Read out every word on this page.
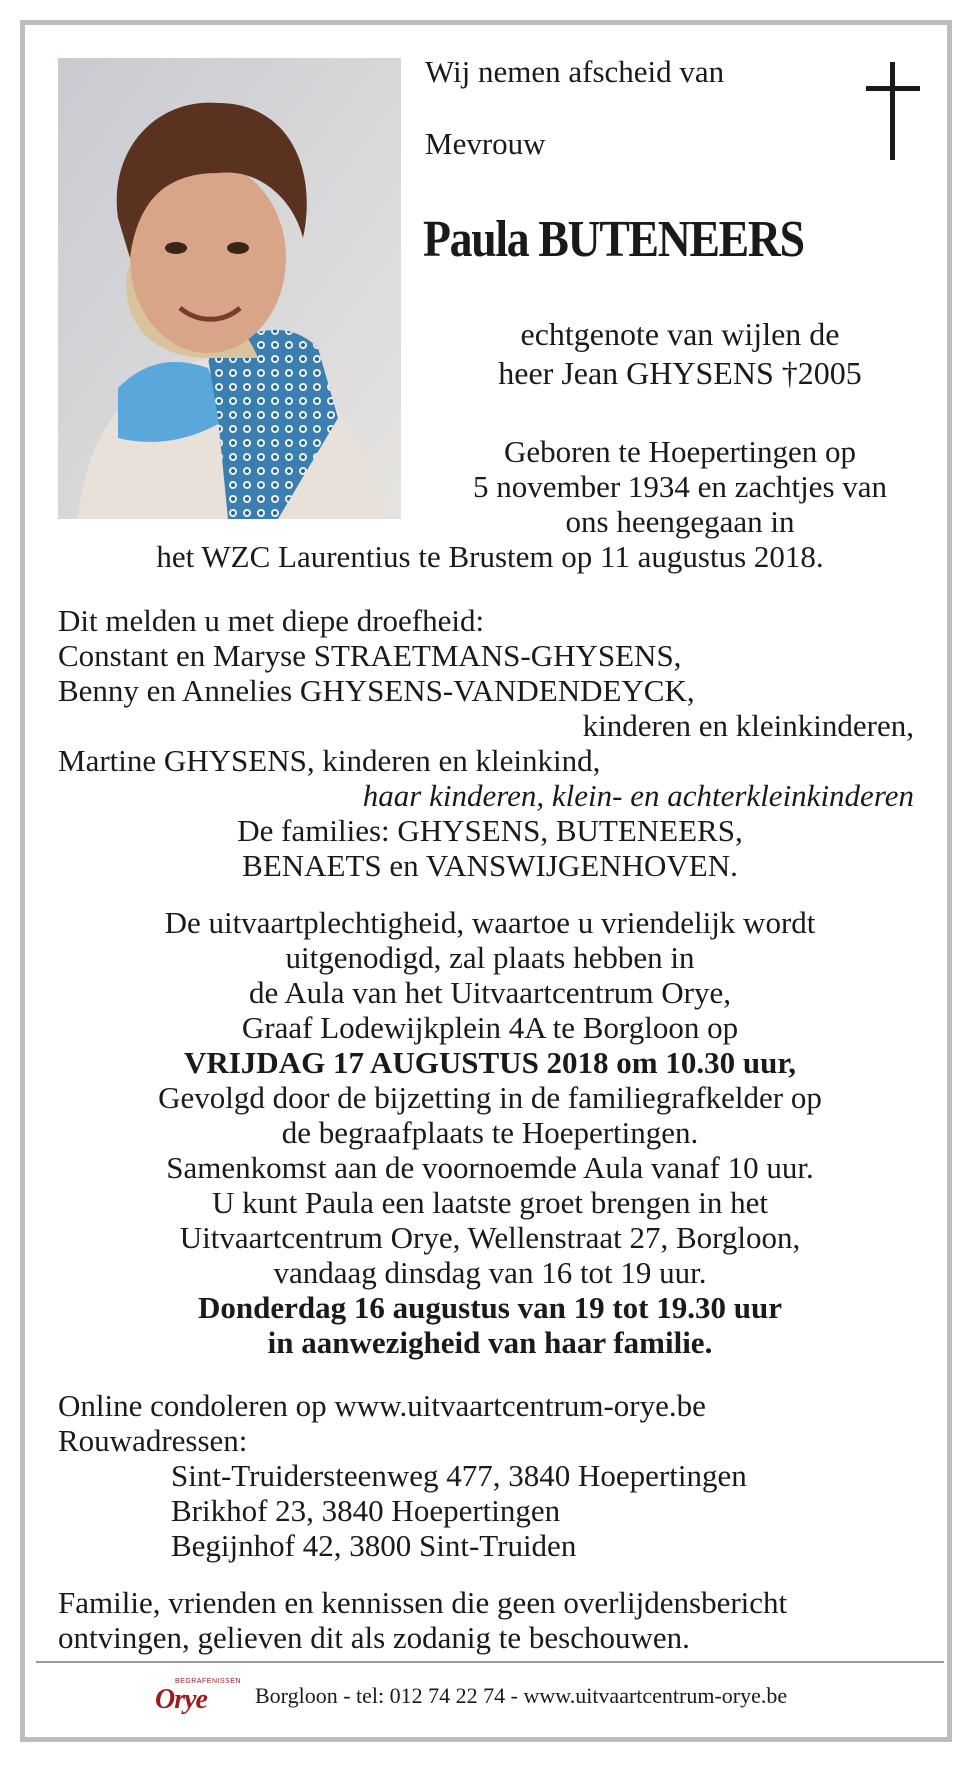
Wij nemen afscheid van
Mevrouw
Paula BUTENEERS
echtgenote van wijlen de
heer Jean GHYSENS †2005
Geboren te Hoepertingen op
5 november 1934 en zachtjes van
ons heengegaan in
het WZC Laurentius te Brustem op 11 augustus 2018.
Dit melden u met diepe droefheid:
Constant en Maryse STRAETMANS-GHYSENS,
Benny en Annelies GHYSENS-VANDENDEYCK,
kinderen en kleinkinderen,
Martine GHYSENS, kinderen en kleinkind,
haar kinderen, klein- en achterkleinkinderen
De families: GHYSENS, BUTENEERS,
BENAETS en VANSWIJGENHOVEN.
De uitvaartplechtigheid, waartoe u vriendelijk wordt
uitgenodigd, zal plaats hebben in
de Aula van het Uitvaartcentrum Orye,
Graaf Lodewijkplein 4A te Borgloon op
VRIJDAG 17 AUGUSTUS 2018 om 10.30 uur,
Gevolgd door de bijzetting in de familiegrafkelder op
de begraafplaats te Hoepertingen.
Samenkomst aan de voornoemde Aula vanaf 10 uur.
U kunt Paula een laatste groet brengen in het
Uitvaartcentrum Orye, Wellenstraat 27, Borgloon,
vandaag dinsdag van 16 tot 19 uur.
Donderdag 16 augustus van 19 tot 19.30 uur
in aanwezigheid van haar familie.
Online condoleren op www.uitvaartcentrum-orye.be
Rouwadressen:
Sint-Truidersteenweg 477, 3840 Hoepertingen
Brikhof 23, 3840 Hoepertingen
Begijnhof 42, 3800 Sint-Truiden
Familie, vrienden en kennissen die geen overlijdensbericht
ontvingen, gelieven dit als zodanig te beschouwen.
BEGRAFENISSEN
Orye Borgloon - tel: 012 74 22 74 - www.uitvaartcentrum-orye.be
